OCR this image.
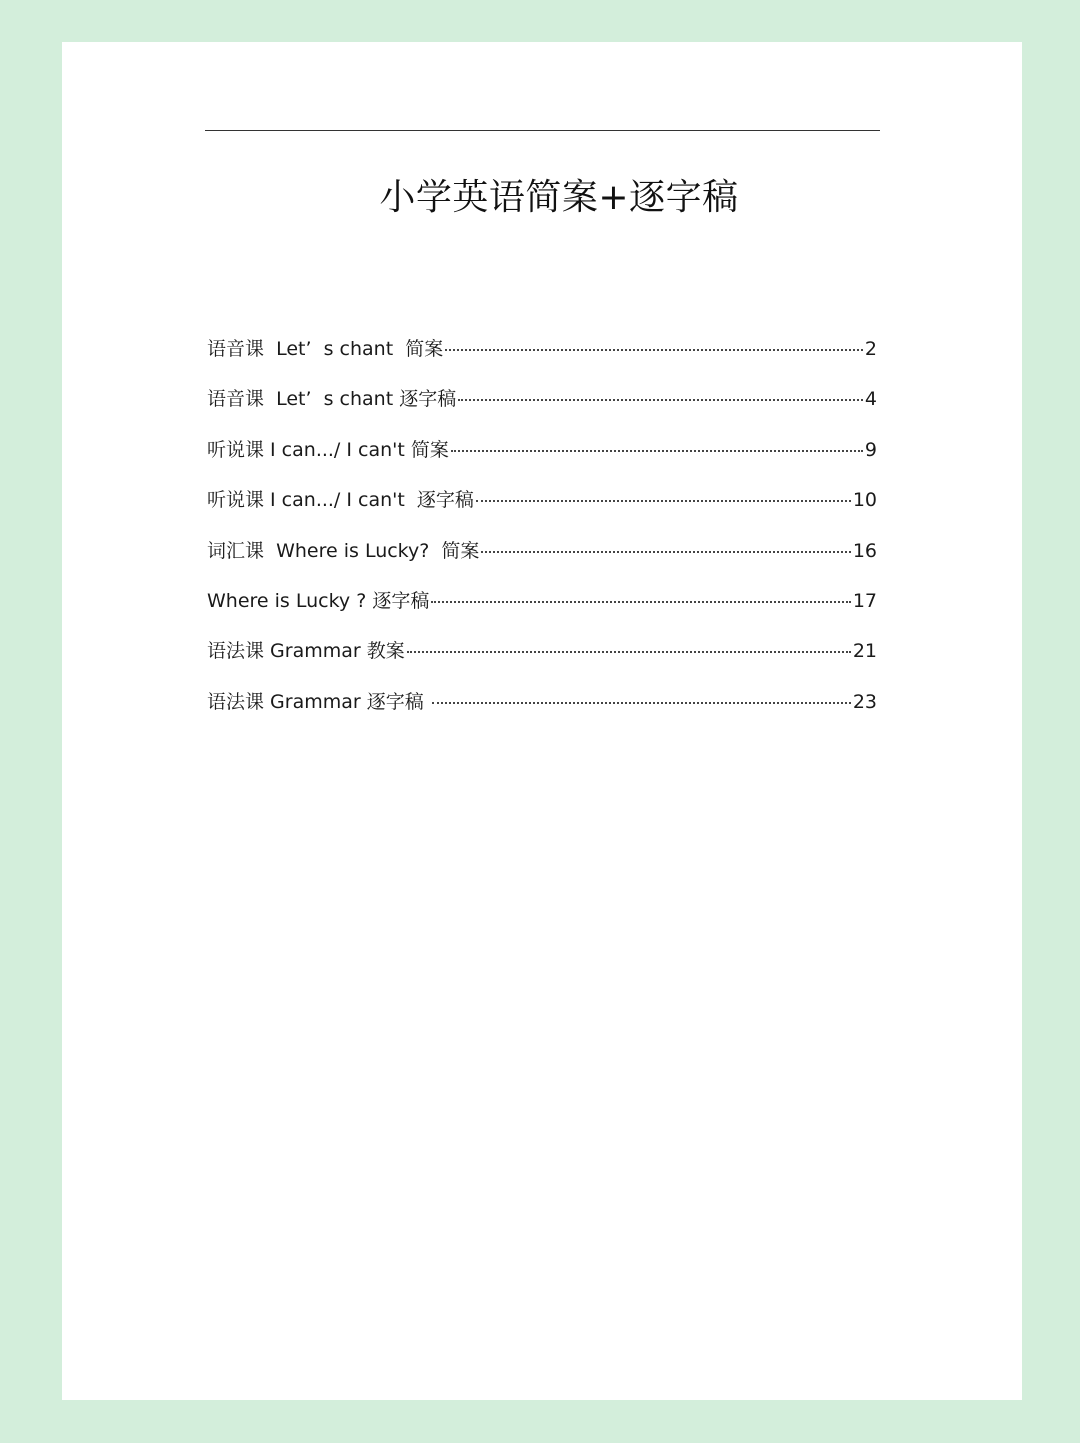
小学英语简案+逐字稿
语音课  Let’  s chant  简案	2
语音课  Let’  s chant 逐字稿	4
听说课 I can.../ I can't 简案	9
听说课 I can.../ I can't  逐字稿	10
词汇课  Where is Lucky?  简案	16
Where is Lucky ? 逐字稿	17
语法课 Grammar 教案	21
语法课 Grammar 逐字稿	23
